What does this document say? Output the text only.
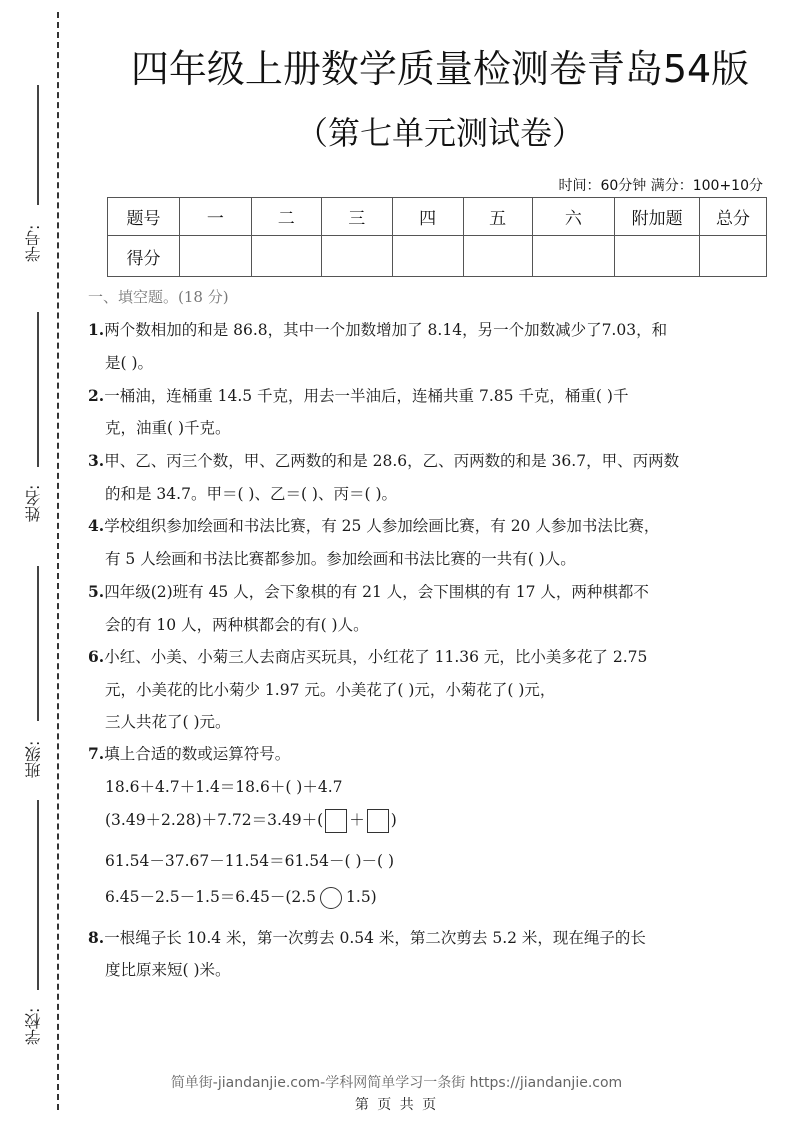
学号:
姓名:
班级:
学校:
四年级上册数学质量检测卷青岛54版
（第七单元测试卷）
时间：60分钟 满分：100+10分
题号	一	二	三	四	五	六	附加题	总分
得分								
一、填空题。(18 分)
1.两个数相加的和是 86.8，其中一个加数增加了 8.14，另一个加数减少了7.03，和
是( )。
2.一桶油，连桶重 14.5 千克，用去一半油后，连桶共重 7.85 千克，桶重( )千
克，油重( )千克。
3.甲、乙、丙三个数，甲、乙两数的和是 28.6，乙、丙两数的和是 36.7，甲、丙两数
的和是 34.7。甲＝( )、乙＝( )、丙＝( )。
4.学校组织参加绘画和书法比赛，有 25 人参加绘画比赛，有 20 人参加书法比赛，
有 5 人绘画和书法比赛都参加。参加绘画和书法比赛的一共有( )人。
5.四年级(2)班有 45 人，会下象棋的有 21 人，会下围棋的有 17 人，两种棋都不
会的有 10 人，两种棋都会的有( )人。
6.小红、小美、小菊三人去商店买玩具，小红花了 11.36 元，比小美多花了 2.75
元，小美花的比小菊少 1.97 元。小美花了( )元，小菊花了( )元，
三人共花了( )元。
7.填上合适的数或运算符号。
18.6＋4.7＋1.4＝18.6＋( )＋4.7
(3.49＋2.28)＋7.72＝3.49＋( ＋ )
61.54－37.67－11.54＝61.54－( )－( )
6.45－2.5－1.5＝6.45－(2.5 1.5)
8.一根绳子长 10.4 米，第一次剪去 0.54 米，第二次剪去 5.2 米，现在绳子的长
度比原来短( )米。
简单街-jiandanjie.com-学科网简单学习一条街 https://jiandanjie.com
第 页 共 页
